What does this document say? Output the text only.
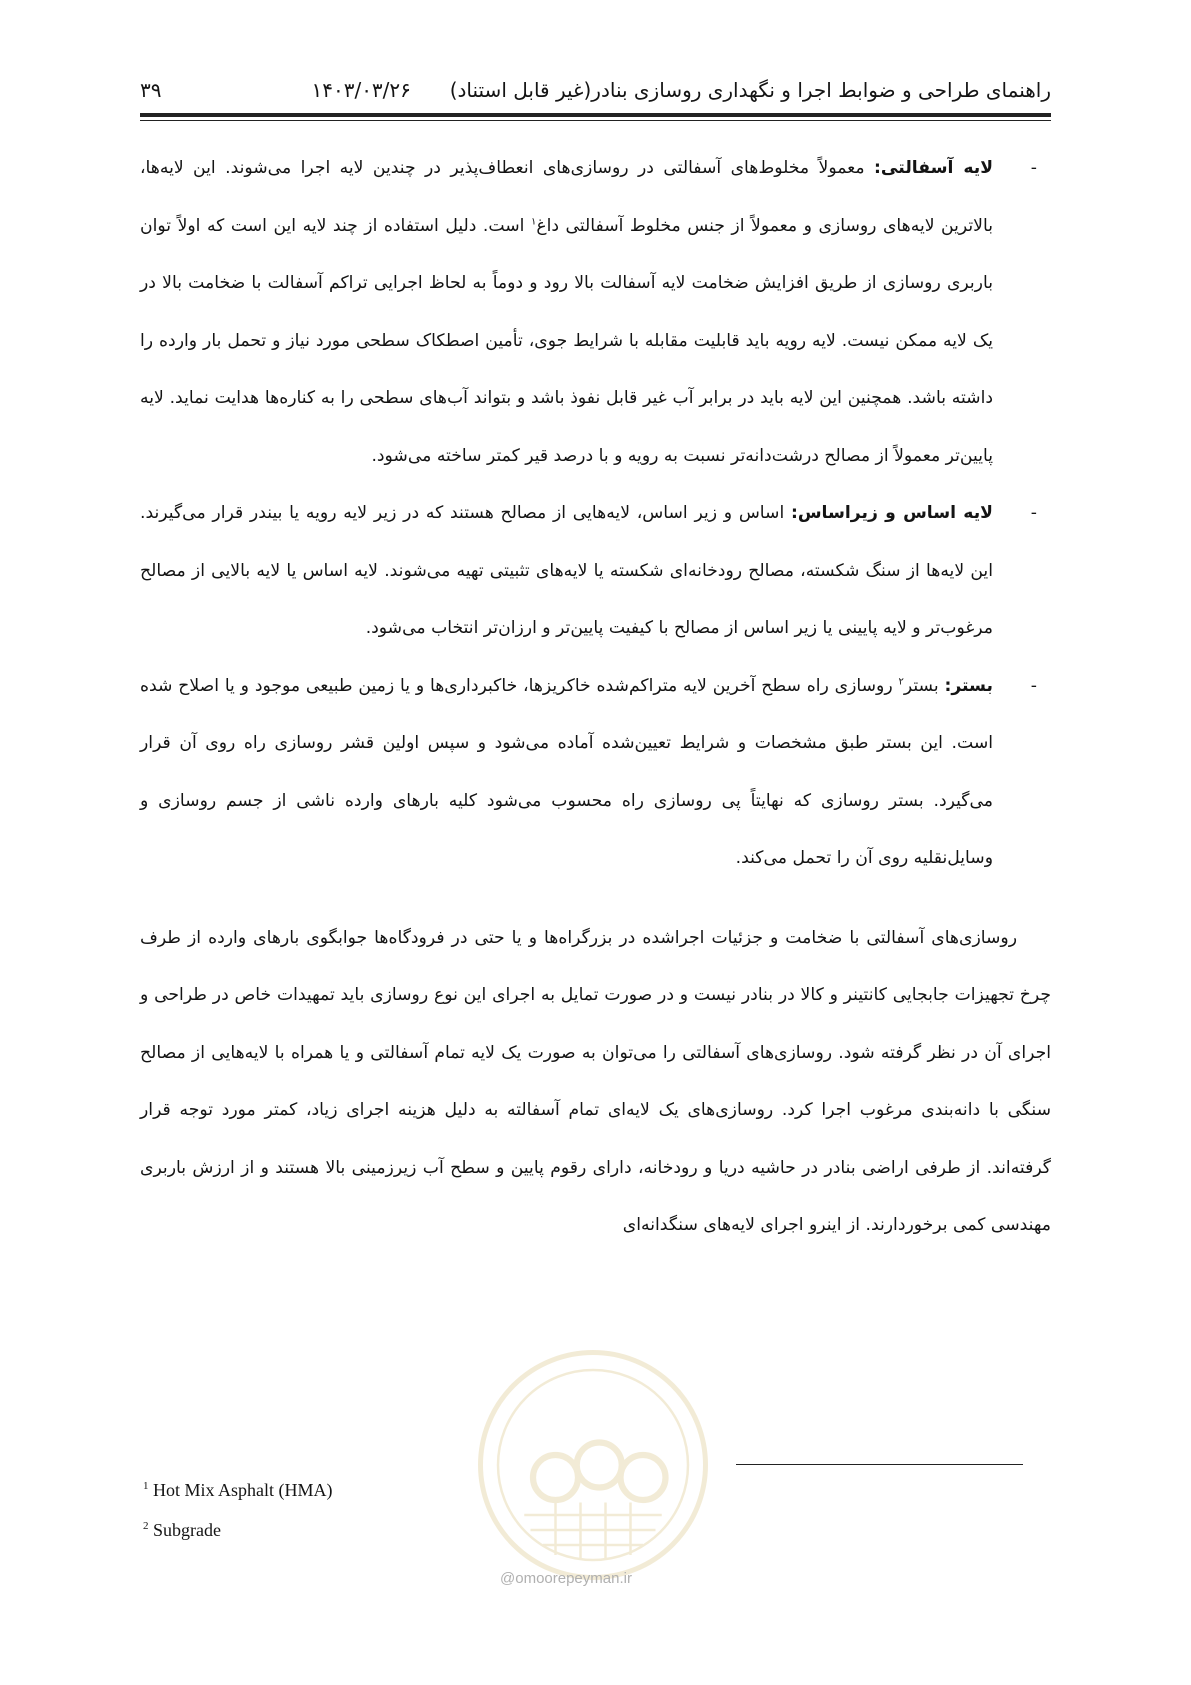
راهنمای طراحی و ضوابط اجرا و نگهداری روسازی بنادر(غیر قابل استناد)
۱۴۰۳/۰۳/۲۶
۳۹
-
لایه آسفالتی: معمولاً مخلوط‌های آسفالتی در روسازی‌های انعطاف‌پذیر در چندین لایه اجرا می‌شوند. این لایه‌ها، بالاترین لایه‌های روسازی و معمولاً از جنس مخلوط آسفالتی داغ$^۱$ است. دلیل استفاده از چند لایه این است که اولاً توان باربری روسازی از طریق افزایش ضخامت لایه آسفالت بالا رود و دوماً به لحاظ اجرایی تراکم آسفالت با ضخامت بالا در یک لایه ممکن نیست. لایه رویه باید قابلیت مقابله با شرایط جوی، تأمین اصطکاک سطحی مورد نیاز و تحمل بار وارده را داشته باشد. همچنین این لایه باید در برابر آب غیر قابل نفوذ باشد و بتواند آب‌های سطحی را به کناره‌ها هدایت نماید. لایه پایین‌تر معمولاً از مصالح درشت‌دانه‌تر نسبت به رویه و با درصد قیر کمتر ساخته می‌شود.
-
لایه اساس و زیراساس: اساس و زیر اساس، لایه‌هایی از مصالح هستند که در زیر لایه رویه یا بیندر قرار می‌گیرند. این لایه‌ها از سنگ شکسته، مصالح رودخانه‌ای شکسته یا لایه‌های تثبیتی تهیه می‌شوند. لایه اساس یا لایه بالایی از مصالح مرغوب‌تر و لایه پایینی یا زیر اساس از مصالح با کیفیت پایین‌تر و ارزان‌تر انتخاب می‌شود.
-
بستر: بستر$^۲$ روسازی راه سطح آخرین لایه متراکم‌شده خاکریزها، خاکبرداری‌ها و یا زمین طبیعی موجود و یا اصلاح شده است. این بستر طبق مشخصات و شرایط تعیین‌شده آماده می‌شود و سپس اولین قشر روسازی راه روی آن قرار می‌گیرد. بستر روسازی که نهایتاً پی روسازی راه محسوب می‌شود کلیه بارهای وارده ناشی از جسم روسازی و وسایل‌نقلیه روی آن را تحمل می‌کند.

روسازی‌های آسفالتی با ضخامت و جزئیات اجراشده در بزرگراه‌ها و یا حتی در فرودگاه‌ها جوابگوی بارهای وارده از طرف چرخ تجهیزات جابجایی کانتینر و کالا در بنادر نیست و در صورت تمایل به اجرای این نوع روسازی باید تمهیدات خاص در طراحی و اجرای آن در نظر گرفته شود. روسازی‌های آسفالتی را می‌توان به صورت یک لایه تمام آسفالتی و یا همراه با لایه‌هایی از مصالح سنگی با دانه‌بندی مرغوب اجرا کرد. روسازی‌های یک لایه‌ای تمام آسفالته به دلیل هزینه اجرای زیاد، کمتر مورد توجه قرار گرفته‌اند. از طرفی اراضی بنادر در حاشیه دریا و رودخانه، دارای رقوم پایین و سطح آب زیرزمینی بالا هستند و از ارزش باربری مهندسی کمی برخوردارند. از اینرو اجرای لایه‌های سنگدانه‌ای

$^1$ Hot Mix Asphalt (HMA)
$^2$ Subgrade
@omoorepeyman.ir
